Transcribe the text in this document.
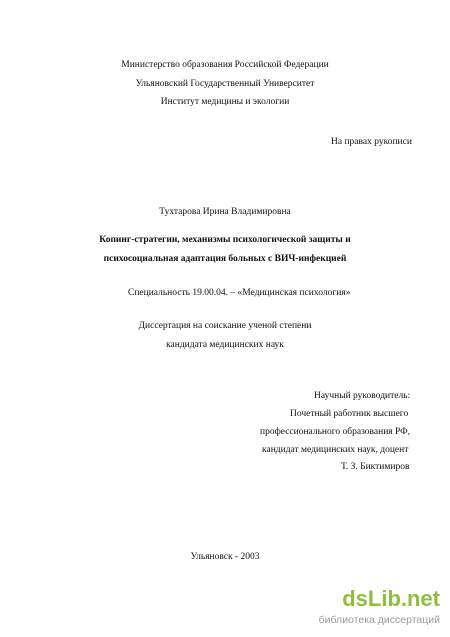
Министерство образования Российской Федерации
Ульяновский Государственный Университет
Институт медицины и экологии
На правах рукописи
Тухтарова Ирина Владимировна
Копинг-стратегии, механизмы психологической защиты и
психосоциальная адаптация больных с ВИЧ-инфекцией
Специальность 19.00.04. – «Медицинская психология»
Диссертация на соискание ученой степени
кандидата медицинских наук
Научный руководитель:
Почетный работник высшего
профессионального образования РФ,
кандидат медицинских наук, доцент
Т. З. Биктимиров
Ульяновск - 2003
dsLib.net
библиотека диссертаций
